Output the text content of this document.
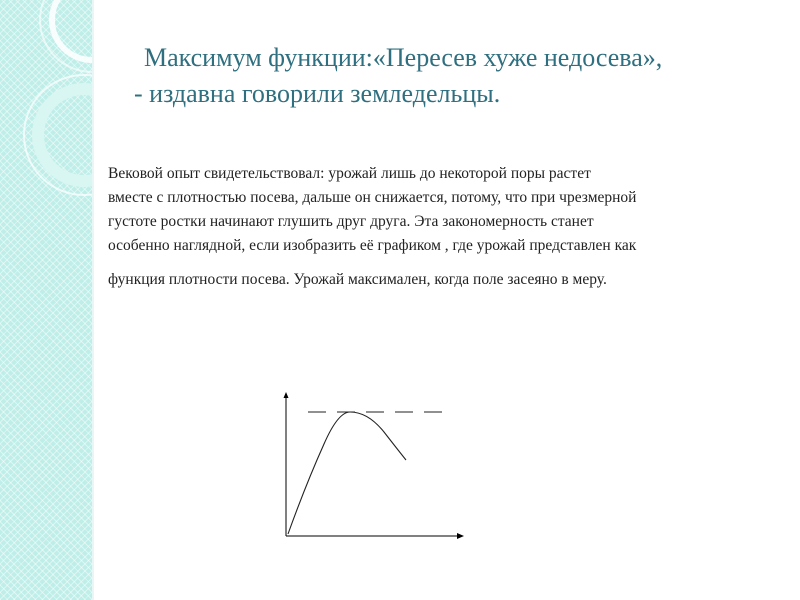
Максимум функции:«Пересев хуже недосева»,
- издавна говорили земледельцы.
Вековой опыт свидетельствовал: урожай лишь до некоторой поры растет
вместе с плотностью посева, дальше он снижается, потому, что при чрезмерной
густоте ростки начинают глушить друг друга. Эта закономерность станет
особенно наглядной, если изобразить её графиком , где урожай представлен как
функция плотности посева. Урожай максимален, когда поле засеяно в меру.
